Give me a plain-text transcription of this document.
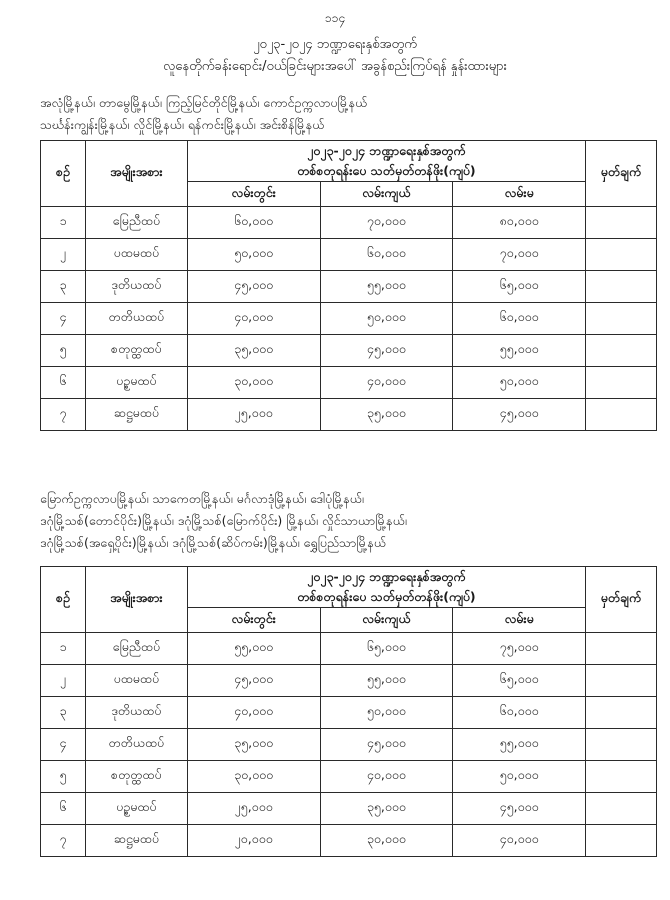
၁၁၄
၂၀၂၃-၂၀၂၄ ဘဏ္ဍာရေးနှစ်အတွက်
လူနေတိုက်ခန်းရောင်း/ဝယ်ခြင်းများအပေါ် အခွန်စည်းကြပ်ရန် နှုန်းထားများ
အလုံမြို့နယ်၊ တာမွေမြို့နယ်၊ ကြည့်မြင်တိုင်မြို့နယ်၊ ကောင်ဥက္ကလာပမြို့နယ်
သင်္ဃန်းကျွန်းမြို့နယ်၊ လှိုင်မြို့နယ်၊ ရန်ကင်းမြို့နယ်၊ အင်းစိန်မြို့နယ်
စဉ်	အမျိုးအစား	၂၀၂၃-၂၀၂၄ ဘဏ္ဍာရေးနှစ်အတွက်
တစ်စတုရန်းပေ သတ်မှတ်တန်ဖိုး(ကျပ်)			မှတ်ချက်
		လမ်းတွင်း	လမ်းကျယ်	လမ်းမ	
၁	မြေညီထပ်	၆၀,၀၀၀	၇၀,၀၀၀	၈၀,၀၀၀	
၂	ပထမထပ်	၅၀,၀၀၀	၆၀,၀၀၀	၇၀,၀၀၀	
၃	ဒုတိယထပ်	၄၅,၀၀၀	၅၅,၀၀၀	၆၅,၀၀၀	
၄	တတိယထပ်	၄၀,၀၀၀	၅၀,၀၀၀	၆၀,၀၀၀	
၅	စတုတ္ထထပ်	၃၅,၀၀၀	၄၅,၀၀၀	၅၅,၀၀၀	
၆	ပဥ္စမထပ်	၃၀,၀၀၀	၄၀,၀၀၀	၅၀,၀၀၀	
၇	ဆဋ္ဌမထပ်	၂၅,၀၀၀	၃၅,၀၀၀	၄၅,၀၀၀	
မြောက်ဥက္ကလာပမြို့နယ်၊ သာကေတမြို့နယ်၊ မင်္ဂလာဒုံမြို့နယ်၊ ဒေါပုံမြို့နယ်၊
ဒဂုံမြို့သစ်(တောင်ပိုင်း)မြို့နယ်၊ ဒဂုံမြို့သစ်(မြောက်ပိုင်း) မြို့နယ်၊ လှိုင်သာယာမြို့နယ်၊
ဒဂုံမြို့သစ်(အရှေ့ပိုင်း)မြို့နယ်၊ ဒဂုံမြို့သစ်(ဆိပ်ကမ်း)မြို့နယ်၊ ရွှေပြည်သာမြို့နယ်
စဉ်	အမျိုးအစား	၂၀၂၃-၂၀၂၄ ဘဏ္ဍာရေးနှစ်အတွက်
တစ်စတုရန်းပေ သတ်မှတ်တန်ဖိုး(ကျပ်)			မှတ်ချက်
		လမ်းတွင်း	လမ်းကျယ်	လမ်းမ	
၁	မြေညီထပ်	၅၅,၀၀၀	၆၅,၀၀၀	၇၅,၀၀၀	
၂	ပထမထပ်	၄၅,၀၀၀	၅၅,၀၀၀	၆၅,၀၀၀	
၃	ဒုတိယထပ်	၄၀,၀၀၀	၅၀,၀၀၀	၆၀,၀၀၀	
၄	တတိယထပ်	၃၅,၀၀၀	၄၅,၀၀၀	၅၅,၀၀၀	
၅	စတုတ္ထထပ်	၃၀,၀၀၀	၄၀,၀၀၀	၅၀,၀၀၀	
၆	ပဥ္စမထပ်	၂၅,၀၀၀	၃၅,၀၀၀	၄၅,၀၀၀	
၇	ဆဋ္ဌမထပ်	၂၀,၀၀၀	၃၀,၀၀၀	၄၀,၀၀၀	
